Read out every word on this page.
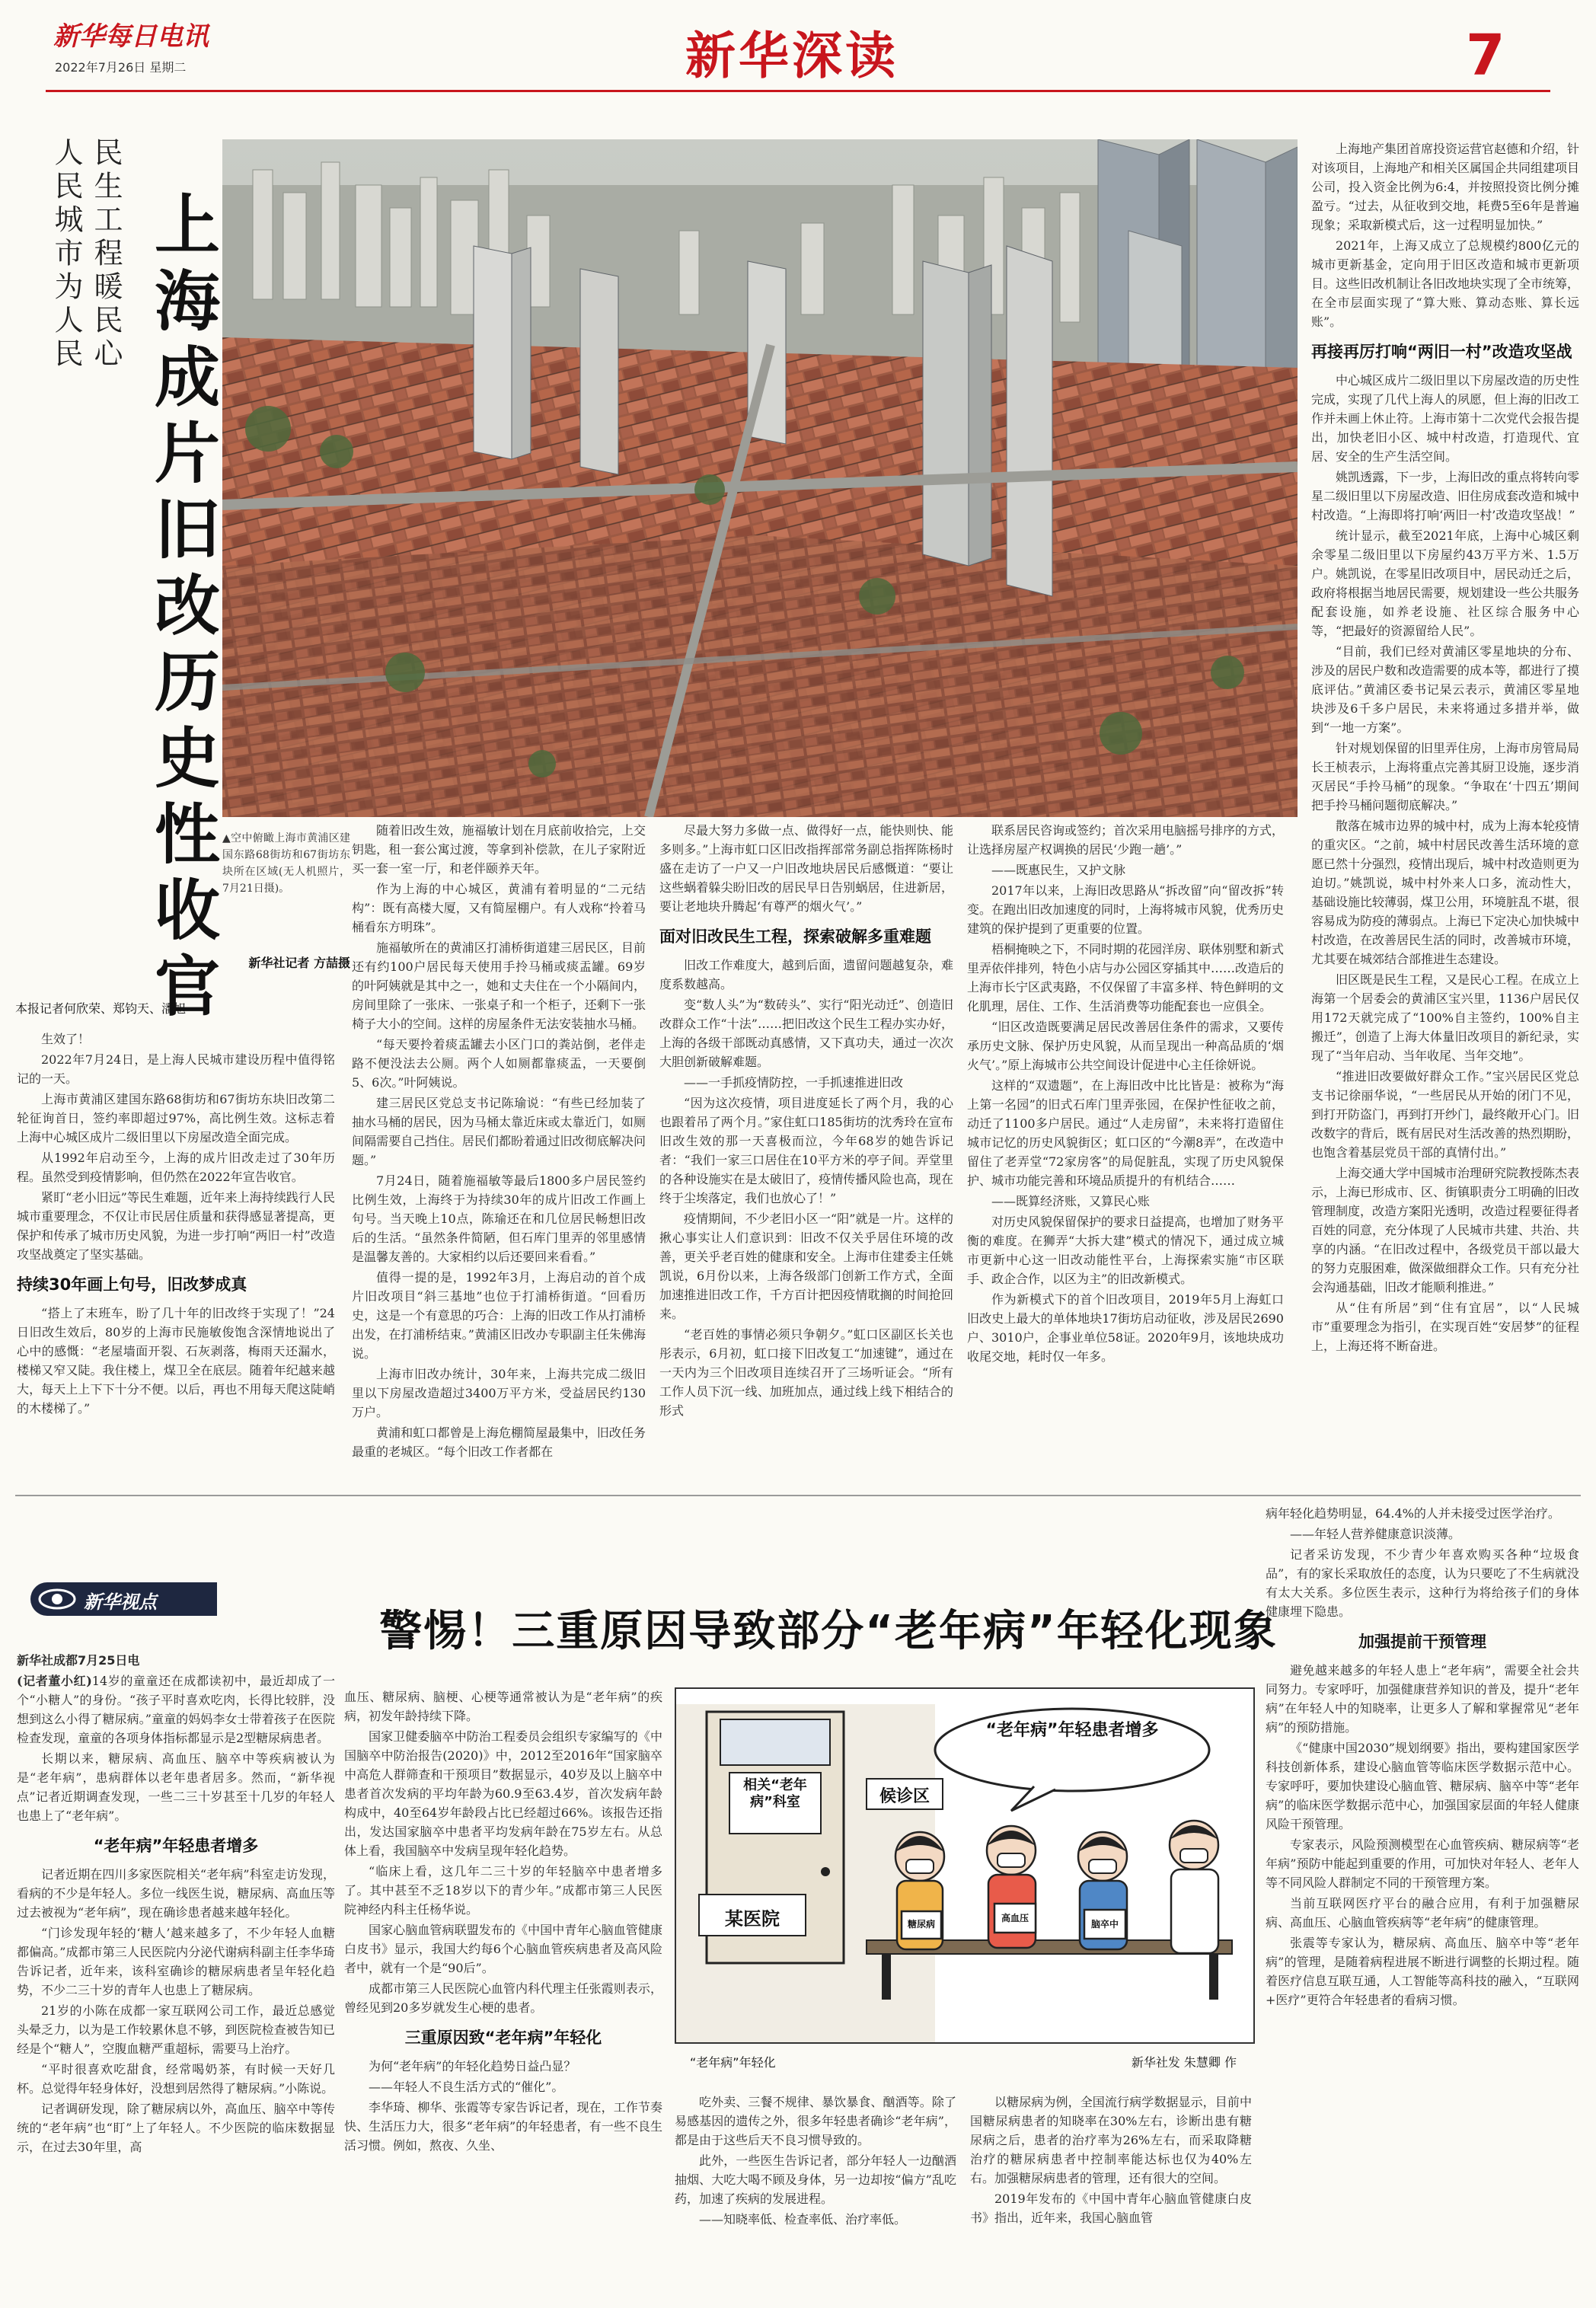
新华每日电讯
2022年7月26日 星期二	新华深读	7
人民城市为人民 民生工程暖民心 上海成片旧改历史性收官 ▲空中俯瞰上海市黄浦区建国东路68街坊和67街坊东块所在区域(无人机照片，7月21日摄)。
新华社记者 方喆摄
本报记者何欣荣、郑钧天、潘旭

生效了！

2022年7月24日，是上海人民城市建设历程中值得铭记的一天。

上海市黄浦区建国东路68街坊和67街坊东块旧改第二轮征询首日，签约率即超过97%，高比例生效。这标志着上海中心城区成片二级旧里以下房屋改造全面完成。

从1992年启动至今，上海的成片旧改走过了30年历程。虽然受到疫情影响，但仍然在2022年宣告收官。

紧盯“老小旧远”等民生难题，近年来上海持续践行人民城市重要理念，不仅让市民居住质量和获得感显著提高，更保护和传承了城市历史风貌，为进一步打响“两旧一村”改造攻坚战奠定了坚实基础。

持续30年画上句号，旧改梦成真

“搭上了末班车，盼了几十年的旧改终于实现了！”24日旧改生效后，80岁的上海市民施敏俊饱含深情地说出了心中的感慨：“老屋墙面开裂、石灰剥落，梅雨天还漏水，楼梯又窄又陡。我住楼上，煤卫全在底层。随着年纪越来越大，每天上上下下十分不便。以后，再也不用每天爬这陡峭的木楼梯了。”

随着旧改生效，施福敏计划在月底前收拾完，上交钥匙，租一套公寓过渡，等拿到补偿款，在儿子家附近买一套一室一厅，和老伴颐养天年。

作为上海的中心城区，黄浦有着明显的“二元结构”：既有高楼大厦，又有简屋棚户。有人戏称“拎着马桶看东方明珠”。

施福敏所在的黄浦区打浦桥街道建三居民区，目前还有约100户居民每天使用手拎马桶或痰盂罐。69岁的叶阿姨就是其中之一，她和丈夫住在一个小隔间内，房间里除了一张床、一张桌子和一个柜子，还剩下一张椅子大小的空间。这样的房屋条件无法安装抽水马桶。

“每天要拎着痰盂罐去小区门口的粪站倒，老伴走路不便没法去公厕。两个人如厕都靠痰盂，一天要倒5、6次。”叶阿姨说。

建三居民区党总支书记陈瑜说：“有些已经加装了抽水马桶的居民，因为马桶太靠近床或太靠近门，如厕间隔需要自己挡住。居民们都盼着通过旧改彻底解决问题。”

7月24日，随着施福敏等最后1800多户居民签约比例生效，上海终于为持续30年的成片旧改工作画上句号。当天晚上10点，陈瑜还在和几位居民畅想旧改后的生活。“虽然条件简陋，但石库门里弄的邻里感情是温馨友善的。大家相约以后还要回来看看。”

值得一提的是，1992年3月，上海启动的首个成片旧改项目“斜三基地”也位于打浦桥街道。“回看历史，这是一个有意思的巧合：上海的旧改工作从打浦桥出发，在打浦桥结束。”黄浦区旧改办专职副主任朱佛海说。

上海市旧改办统计，30年来，上海共完成二级旧里以下房屋改造超过3400万平方米，受益居民约130万户。

黄浦和虹口都曾是上海危棚简屋最集中，旧改任务最重的老城区。“每个旧改工作者都在

尽最大努力多做一点、做得好一点，能快则快、能多则多。”上海市虹口区旧改指挥部常务副总指挥陈杨时盛在走访了一户又一户旧改地块居民后感慨道：“要让这些蜗着躲尖盼旧改的居民早日告别蜗居，住进新居，要让老地块升腾起‘有尊严的烟火气’。”

面对旧改民生工程，探索破解多重难题

旧改工作难度大，越到后面，遗留问题越复杂，难度系数越高。

变“数人头”为“数砖头”、实行“阳光动迁”、创造旧改群众工作“十法”……把旧改这个民生工程办实办好，上海的各级干部既动真感情，又下真功夫，通过一次次大胆创新破解难题。

——一手抓疫情防控，一手抓速推进旧改

“因为这次疫情，项目进度延长了两个月，我的心也跟着吊了两个月。”家住虹口185街坊的沈秀玲在宣布旧改生效的那一天喜极而泣，今年68岁的她告诉记者：“我们一家三口居住在10平方米的亭子间。弄堂里的各种设施实在是太破旧了，疫情传播风险也高，现在终于尘埃落定，我们也放心了！”

疫情期间，不少老旧小区一“阳”就是一片。这样的揪心事实让人们意识到：旧改不仅关乎居住环境的改善，更关乎老百姓的健康和安全。上海市住建委主任姚凯说，6月份以来，上海各级部门创新工作方式，全面加速推进旧改工作，千方百计把因疫情耽搁的时间抢回来。

“老百姓的事情必须只争朝夕。”虹口区副区长关也彤表示，6月初，虹口接下旧改复工“加速键”，通过在一天内为三个旧改项目连续召开了三场听证会。“所有工作人员下沉一线、加班加点，通过线上线下相结合的形式

联系居民咨询或签约；首次采用电脑摇号排序的方式，让选择房屋产权调换的居民‘少跑一趟’。”

——既惠民生，又护文脉

2017年以来，上海旧改思路从“拆改留”向“留改拆”转变。在跑出旧改加速度的同时，上海将城市风貌，优秀历史建筑的保护提到了更重要的位置。

梧桐掩映之下，不同时期的花园洋房、联体别墅和新式里弄依伴排列，特色小店与办公园区穿插其中……改造后的上海市长宁区武夷路，不仅保留了丰富多样、特色鲜明的文化肌理，居住、工作、生活消费等功能配套也一应俱全。

“旧区改造既要满足居民改善居住条件的需求，又要传承历史文脉、保护历史风貌，从而呈现出一种高品质的‘烟火气’。”原上海城市公共空间设计促进中心主任徐妍说。

这样的“双遗题”，在上海旧改中比比皆是：被称为“海上第一名园”的旧式石库门里弄张园，在保护性征收之前，动迁了1100多户居民。通过“人走房留”，未来将打造留住城市记忆的历史风貌街区；虹口区的“今潮8弄”，在改造中留住了老弄堂“72家房客”的局促脏乱，实现了历史风貌保护、城市功能完善和环境品质提升的有机结合……

——既算经济账，又算民心账

对历史风貌保留保护的要求日益提高，也增加了财务平衡的难度。在狮弄“大拆大建”模式的情况下，通过成立城市更新中心这一旧改动能性平台，上海探索实施“市区联手、政企合作，以区为主”的旧改新模式。

作为新模式下的首个旧改项目，2019年5月上海虹口旧改史上最大的单体地块17街坊启动征收，涉及居民2690户、3010户，企事业单位58证。2020年9月，该地块成功收尾交地，耗时仅一年多。

上海地产集团首席投资运营官赵德和介绍，针对该项目，上海地产和相关区属国企共同组建项目公司，投入资金比例为6:4，并按照投资比例分摊盈亏。“过去，从征收到交地，耗费5至6年是普遍现象；采取新模式后，这一过程明显加快。”

2021年，上海又成立了总规模约800亿元的城市更新基金，定向用于旧区改造和城市更新项目。这些旧改机制让各旧改地块实现了全市统筹，在全市层面实现了“算大账、算动态账、算长远账”。

再接再厉打响“两旧一村”改造攻坚战

中心城区成片二级旧里以下房屋改造的历史性完成，实现了几代上海人的夙愿，但上海的旧改工作并未画上休止符。上海市第十二次党代会报告提出，加快老旧小区、城中村改造，打造现代、宜居、安全的生产生活空间。

姚凯透露，下一步，上海旧改的重点将转向零星二级旧里以下房屋改造、旧住房成套改造和城中村改造。“上海即将打响‘两旧一村’改造攻坚战！”

统计显示，截至2021年底，上海中心城区剩余零星二级旧里以下房屋约43万平方米、1.5万户。姚凯说，在零星旧改项目中，居民动迁之后，政府将根据当地居民需要，规划建设一些公共服务配套设施，如养老设施、社区综合服务中心等，“把最好的资源留给人民”。

“目前，我们已经对黄浦区零星地块的分布、涉及的居民户数和改造需要的成本等，都进行了摸底评估。”黄浦区委书记杲云表示，黄浦区零星地块涉及6千多户居民，未来将通过多措并举，做到“一地一方案”。

针对规划保留的旧里弄住房，上海市房管局局长王桢表示，上海将重点完善其厨卫设施，逐步消灭居民“手拎马桶”的现象。“争取在‘十四五’期间把手拎马桶问题彻底解决。”

散落在城市边界的城中村，成为上海本轮疫情的重灾区。“之前，城中村居民改善生活环境的意愿已然十分强烈，疫情出现后，城中村改造则更为迫切。”姚凯说，城中村外来人口多，流动性大，基础设施比较薄弱，煤卫公用，环境脏乱不堪，很容易成为防疫的薄弱点。上海已下定决心加快城中村改造，在改善居民生活的同时，改善城市环境，尤其要在城郊结合部推进生态建设。

旧区既是民生工程，又是民心工程。在成立上海第一个居委会的黄浦区宝兴里，1136户居民仅用172天就完成了“100%自主签约，100%自主搬迁”，创造了上海大体量旧改项目的新纪录，实现了“当年启动、当年收尾、当年交地”。

“推进旧改要做好群众工作。”宝兴居民区党总支书记徐丽华说，“一些居民从开始的闭门不见，到打开防盗门，再到打开纱门，最终敞开心门。旧改数字的背后，既有居民对生活改善的热烈期盼，也饱含着基层党员干部的真情付出。”

上海交通大学中国城市治理研究院教授陈杰表示，上海已形成市、区、街镇职责分工明确的旧改管理制度，改造方案阳光透明，改造过程要征得者百姓的同意，充分体现了人民城市共建、共治、共享的内涵。“在旧改过程中，各级党员干部以最大的努力克服困难，做深做细群众工作。只有充分社会沟通基础，旧改才能顺利推进。”

从“住有所居”到“住有宜居”，以“人民城市”重要理念为指引，在实现百姓“安居梦”的征程上，上海还将不断奋进。

新华视点
警惕！三重原因导致部分“老年病”年轻化现象

新华社成都7月25日电

(记者董小红)14岁的童童还在成都读初中，最近却成了一个“小糖人”的身份。“孩子平时喜欢吃肉，长得比较胖，没想到这么小得了糖尿病。”童童的妈妈李女士带着孩子在医院检查发现，童童的各项身体指标都显示是2型糖尿病患者。

长期以来，糖尿病、高血压、脑卒中等疾病被认为是“老年病”，患病群体以老年患者居多。然而，“新华视点”记者近期调查发现，一些二三十岁甚至十几岁的年轻人也患上了“老年病”。

“老年病”年轻患者增多

记者近期在四川多家医院相关“老年病”科室走访发现，看病的不少是年轻人。多位一线医生说，糖尿病、高血压等过去被视为“老年病”，现在确诊患者越来越年轻化。

“门诊发现年轻的‘糖人’越来越多了，不少年轻人血糖都偏高。”成都市第三人民医院内分泌代谢病科副主任李华琦告诉记者，近年来，该科室确诊的糖尿病患者呈年轻化趋势，不少二三十岁的青年人也患上了糖尿病。

21岁的小陈在成都一家互联网公司工作，最近总感觉头晕乏力，以为是工作较累休息不够，到医院检查被告知已经是个“糖人”，空腹血糖严重超标，需要马上治疗。

“平时很喜欢吃甜食，经常喝奶茶，有时候一天好几杯。总觉得年轻身体好，没想到居然得了糖尿病。”小陈说。

记者调研发现，除了糖尿病以外，高血压、脑卒中等传统的“老年病”也“盯”上了年轻人。不少医院的临床数据显示，在过去30年里，高

血压、糖尿病、脑梗、心梗等通常被认为是“老年病”的疾病，初发年龄持续下降。

国家卫健委脑卒中防治工程委员会组织专家编写的《中国脑卒中防治报告(2020)》中，2012至2016年“国家脑卒中高危人群筛查和干预项目”数据显示，40岁及以上脑卒中患者首次发病的平均年龄为60.9至63.4岁，首次发病年龄构成中，40至64岁年龄段占比已经超过66%。该报告还指出，发达国家脑卒中患者平均发病年龄在75岁左右。从总体上看，我国脑卒中发病呈现年轻化趋势。

“临床上看，这几年二三十岁的年轻脑卒中患者增多了。其中甚至不乏18岁以下的青少年。”成都市第三人民医院神经内科主任杨华说。

国家心脑血管病联盟发布的《中国中青年心脑血管健康白皮书》显示，我国大约每6个心脑血管疾病患者及高风险者中，就有一个是“90后”。

成都市第三人民医院心血管内科代理主任张霞则表示，曾经见到20多岁就发生心梗的患者。

三重原因致“老年病”年轻化

为何“老年病”的年轻化趋势日益凸显？

——年轻人不良生活方式的“催化”。

李华琦、柳华、张霞等专家告诉记者，现在，工作节奏快、生活压力大，很多“老年病”的年轻患者，有一些不良生活习惯。例如，熬夜、久坐、

“老年病”年轻患者增多
候诊区
相关“老年病”科室
某医院	糖尿病
高血压
脑卒中
“老年病”年轻化	新华社发 朱慧卿 作

吃外卖、三餐不规律、暴饮暴食、酗酒等。除了易感基因的遗传之外，很多年轻患者确诊“老年病”，都是由于这些后天不良习惯导致的。

此外，一些医生告诉记者，部分年轻人一边酗酒抽烟、大吃大喝不顾及身体，另一边却按“偏方”乱吃药，加速了疾病的发展进程。

——知晓率低、检查率低、治疗率低。

以糖尿病为例，全国流行病学数据显示，目前中国糖尿病患者的知晓率在30%左右，诊断出患有糖尿病之后，患者的治疗率为26%左右，而采取降糖治疗的糖尿病患者中控制率能达标也仅为40%左右。加强糖尿病患者的管理，还有很大的空间。

2019年发布的《中国中青年心脑血管健康白皮书》指出，近年来，我国心脑血管

病年轻化趋势明显，64.4%的人并未接受过医学治疗。

——年轻人营养健康意识淡薄。

记者采访发现，不少青少年喜欢购买各种“垃圾食品”，有的家长采取放任的态度，认为只要吃了不生病就没有太大关系。多位医生表示，这种行为将给孩子们的身体健康埋下隐患。

加强提前干预管理

避免越来越多的年轻人患上“老年病”，需要全社会共同努力。专家呼吁，加强健康营养知识的普及，提升“老年病”在年轻人中的知晓率，让更多人了解和掌握常见“老年病”的预防措施。

《“健康中国2030”规划纲要》指出，要构建国家医学科技创新体系，建设心脑血管等临床医学数据示范中心。专家呼吁，要加快建设心脑血管、糖尿病、脑卒中等“老年病”的临床医学数据示范中心，加强国家层面的年轻人健康风险干预管理。

专家表示，风险预测模型在心血管疾病、糖尿病等“老年病”预防中能起到重要的作用，可加快对年轻人、老年人等不同风险人群制定不同的干预管理方案。

当前互联网医疗平台的融合应用，有利于加强糖尿病、高血压、心脑血管疾病等“老年病”的健康管理。

张震等专家认为，糖尿病、高血压、脑卒中等“老年病”的管理，是随着病程进展不断进行调整的长期过程。随着医疗信息互联互通，人工智能等高科技的融入，“互联网+医疗”更符合年轻患者的看病习惯。
